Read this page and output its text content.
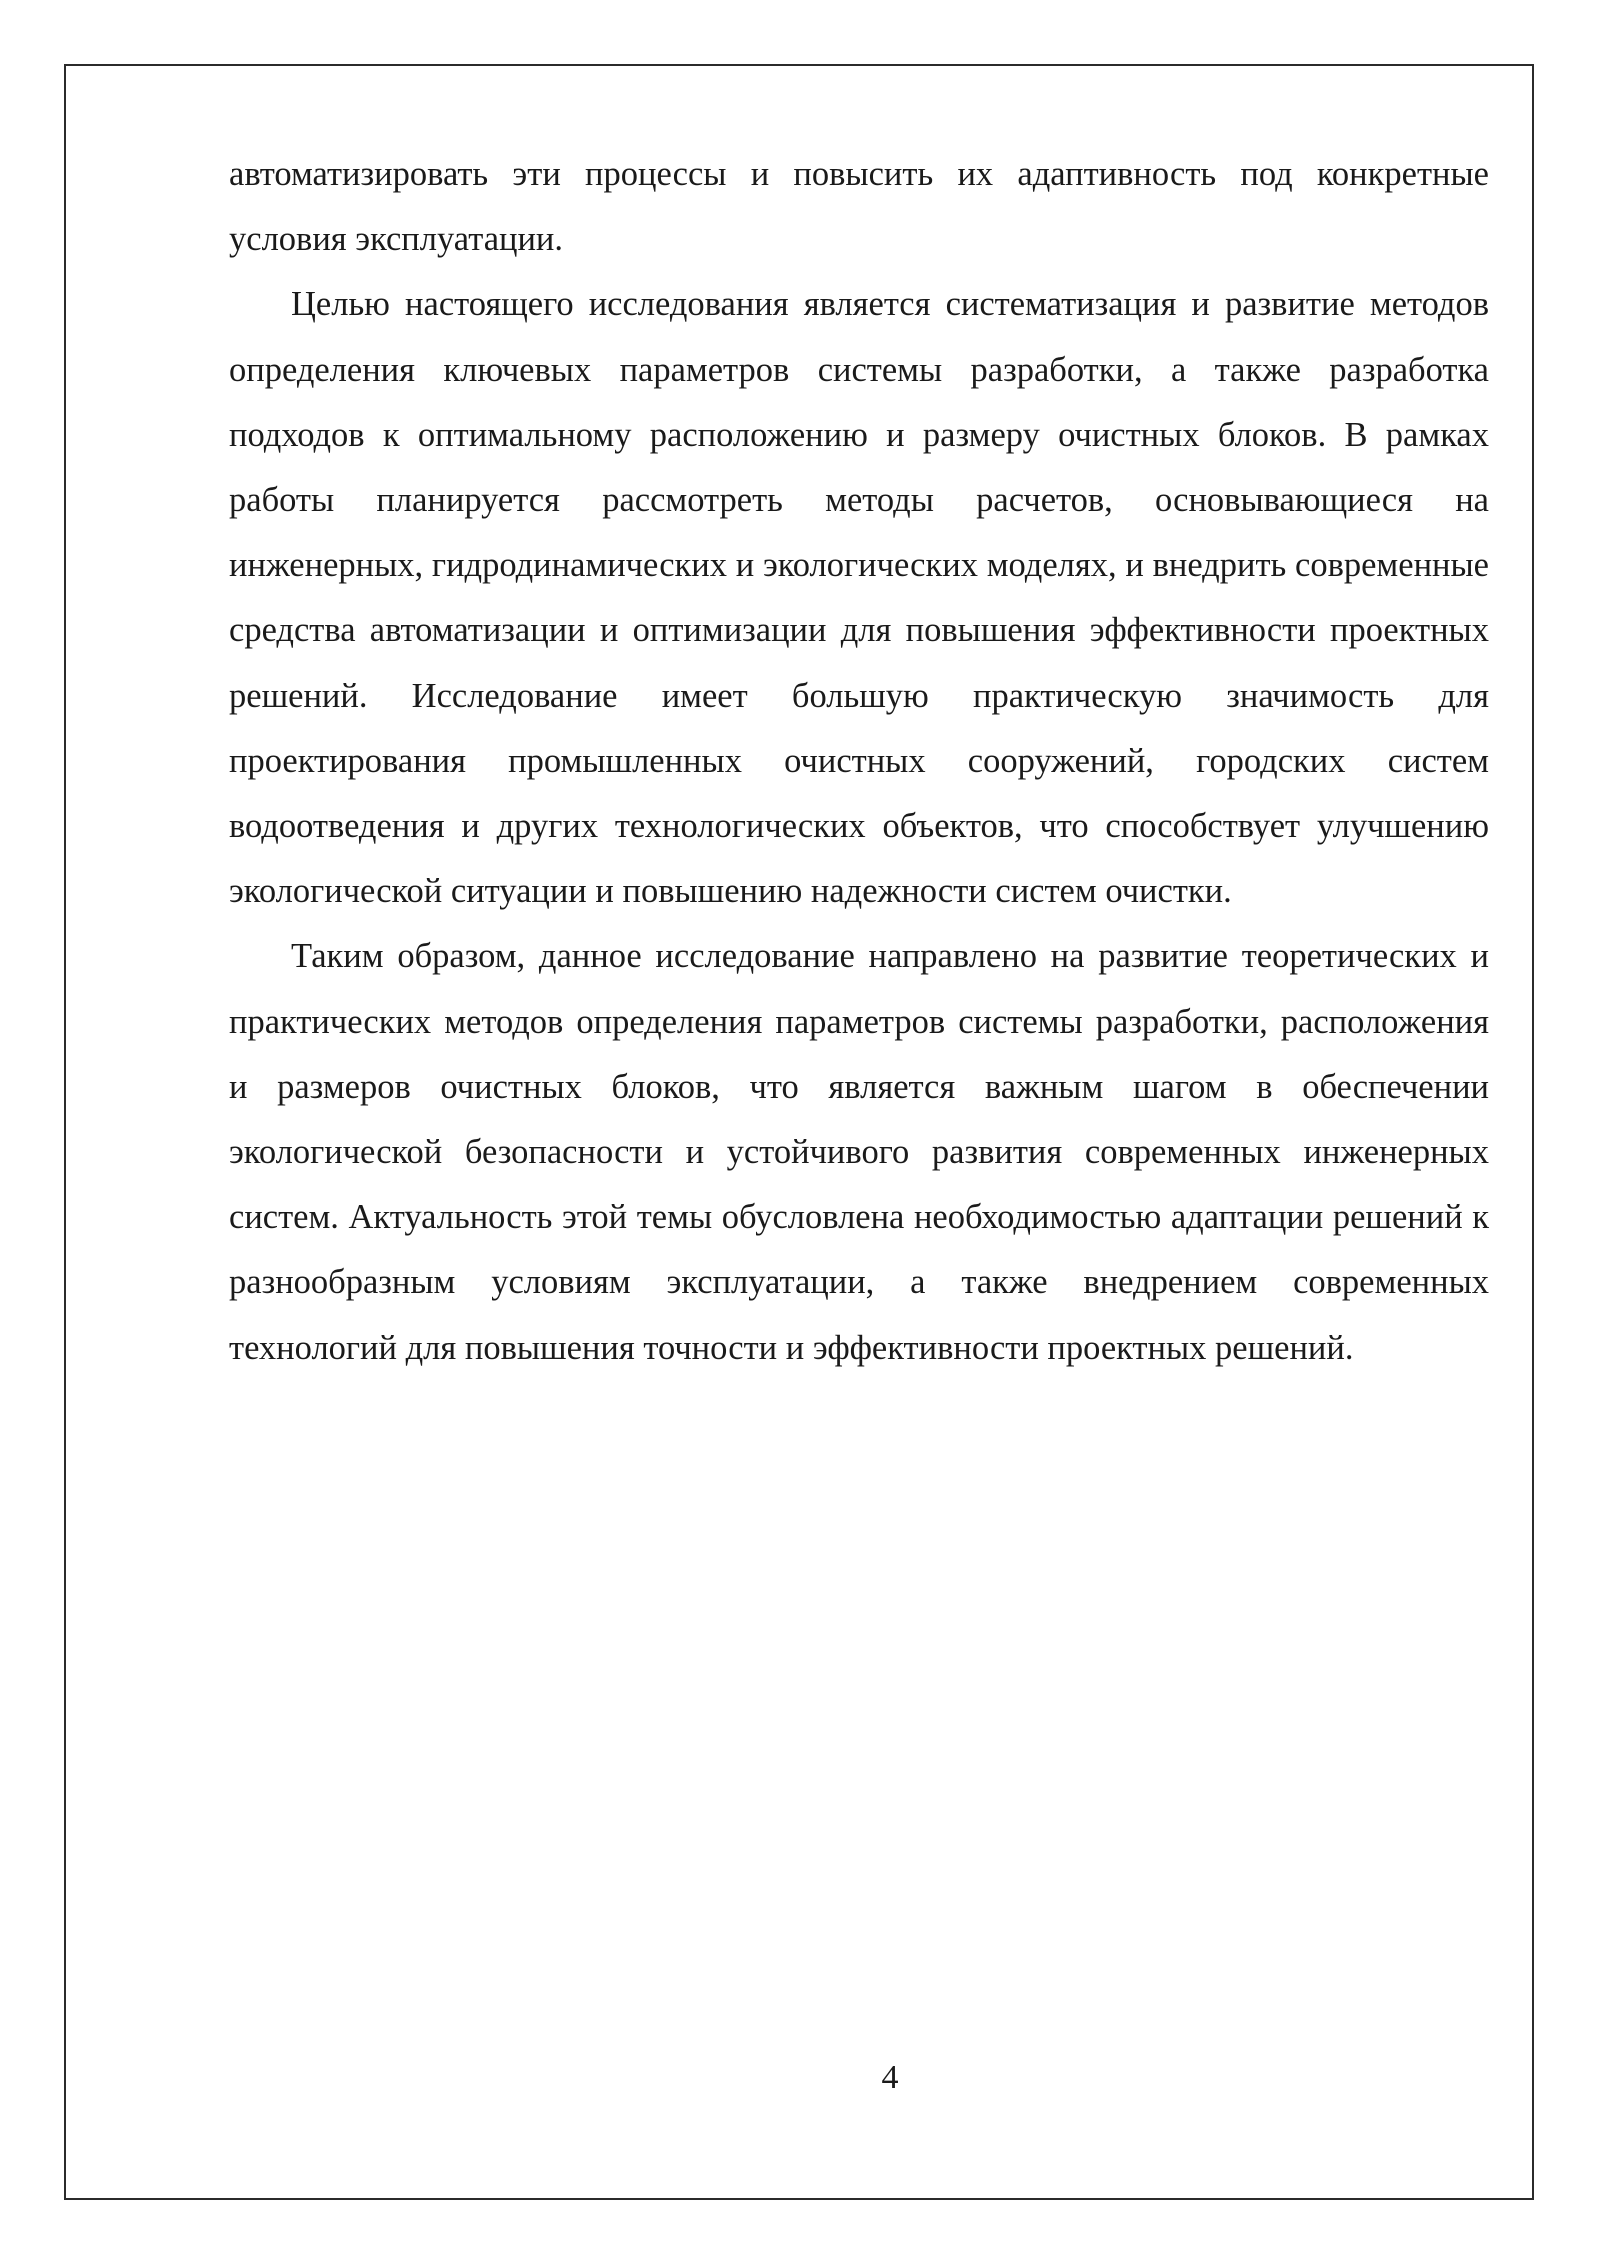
автоматизировать эти процессы и повысить их адаптивность под конкретные условия эксплуатации.

Целью настоящего исследования является систематизация и развитие методов определения ключевых параметров системы разработки, а также разработка подходов к оптимальному расположению и размеру очистных блоков. В рамках работы планируется рассмотреть методы расчетов, основывающиеся на инженерных, гидродинамических и экологических моделях, и внедрить современные средства автоматизации и оптимизации для повышения эффективности проектных решений. Исследование имеет большую практическую значимость для проектирования промышленных очистных сооружений, городских систем водоотведения и других технологических объектов, что способствует улучшению экологической ситуации и повышению надежности систем очистки.

Таким образом, данное исследование направлено на развитие теоретических и практических методов определения параметров системы разработки, расположения и размеров очистных блоков, что является важным шагом в обеспечении экологической безопасности и устойчивого развития современных инженерных систем. Актуальность этой темы обусловлена необходимостью адаптации решений к разнообразным условиям эксплуатации, а также внедрением современных технологий для повышения точности и эффективности проектных решений.

4
